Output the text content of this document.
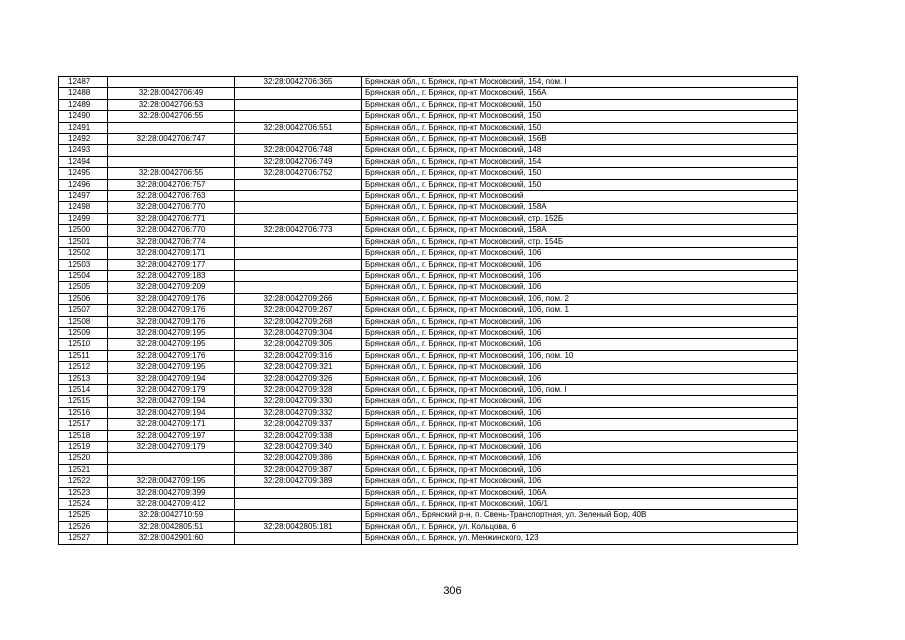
12487		32:28:0042706:365	Брянская обл., г. Брянск, пр-кт Московский, 154, пом. I
12488	32:28:0042706:49		Брянская обл., г. Брянск, пр-кт Московский, 156А
12489	32:28:0042706:53		Брянская обл., г. Брянск, пр-кт Московский, 150
12490	32:28:0042706:55		Брянская обл., г. Брянск, пр-кт Московский, 150
12491		32:28:0042706:551	Брянская обл., г. Брянск, пр-кт Московский, 150
12492	32:28:0042706:747		Брянская обл., г. Брянск, пр-кт Московский, 156В
12493		32:28:0042706:748	Брянская обл., г. Брянск, пр-кт Московский, 148
12494		32:28:0042706:749	Брянская обл., г. Брянск, пр-кт Московский, 154
12495	32:28:0042706:55	32:28:0042706:752	Брянская обл., г. Брянск, пр-кт Московский, 150
12496	32:28:0042706:757		Брянская обл., г. Брянск, пр-кт Московский, 150
12497	32:28:0042706:763		Брянская обл., г. Брянск, пр-кт Московский
12498	32:28:0042706:770		Брянская обл., г. Брянск, пр-кт Московский, 158А
12499	32:28:0042706:771		Брянская обл., г. Брянск, пр-кт Московский, стр. 152Б
12500	32:28:0042706:770	32:28:0042706:773	Брянская обл., г. Брянск, пр-кт Московский, 158А
12501	32:28:0042706:774		Брянская обл., г. Брянск, пр-кт Московский, стр. 154Б
12502	32:28:0042709:171		Брянская обл., г. Брянск, пр-кт Московский, 106
12503	32:28:0042709:177		Брянская обл., г. Брянск, пр-кт Московский, 106
12504	32:28:0042709:183		Брянская обл., г. Брянск, пр-кт Московский, 106
12505	32:28:0042709:209		Брянская обл., г. Брянск, пр-кт Московский, 106
12506	32:28:0042709:176	32:28:0042709:266	Брянская обл., г. Брянск, пр-кт Московский, 106, пом. 2
12507	32:28:0042709:176	32:28:0042709:267	Брянская обл., г. Брянск, пр-кт Московский, 106, пом. 1
12508	32:28:0042709:176	32:28:0042709:268	Брянская обл., г. Брянск, пр-кт Московский, 106
12509	32:28:0042709:195	32:28:0042709:304	Брянская обл., г. Брянск, пр-кт Московский, 106
12510	32:28:0042709:195	32:28:0042709:305	Брянская обл., г. Брянск, пр-кт Московский, 106
12511	32:28:0042709:176	32:28:0042709:316	Брянская обл., г. Брянск, пр-кт Московский, 106, пом. 10
12512	32:28:0042709:195	32:28:0042709:321	Брянская обл., г. Брянск, пр-кт Московский, 106
12513	32:28:0042709:194	32:28:0042709:326	Брянская обл., г. Брянск, пр-кт Московский, 106
12514	32:28:0042709:179	32:28:0042709:328	Брянская обл., г. Брянск, пр-кт Московский, 106, пом. I
12515	32:28:0042709:194	32:28:0042709:330	Брянская обл., г. Брянск, пр-кт Московский, 106
12516	32:28:0042709:194	32:28:0042709:332	Брянская обл., г. Брянск, пр-кт Московский, 106
12517	32:28:0042709:171	32:28:0042709:337	Брянская обл., г. Брянск, пр-кт Московский, 106
12518	32:28:0042709:197	32:28:0042709:338	Брянская обл., г. Брянск, пр-кт Московский, 106
12519	32:28:0042709:179	32:28:0042709:340	Брянская обл., г. Брянск, пр-кт Московский, 106
12520		32:28:0042709:386	Брянская обл., г. Брянск, пр-кт Московский, 106
12521		32:28:0042709:387	Брянская обл., г. Брянск, пр-кт Московский, 106
12522	32:28:0042709:195	32:28:0042709:389	Брянская обл., г. Брянск, пр-кт Московский, 106
12523	32:28:0042709:399		Брянская обл., г. Брянск, пр-кт Московский, 106А
12524	32:28:0042709:412		Брянская обл., г. Брянск, пр-кт Московский, 106/1
12525	32:28:0042710:59		Брянская обл., Брянский р-н, п. Свень-Транспортная, ул. Зеленый Бор, 40В
12526	32:28:0042805:51	32:28:0042805:181	Брянская обл., г. Брянск, ул. Кольцова, 6
12527	32:28:0042901:60		Брянская обл., г. Брянск, ул. Менжинского, 123
306
